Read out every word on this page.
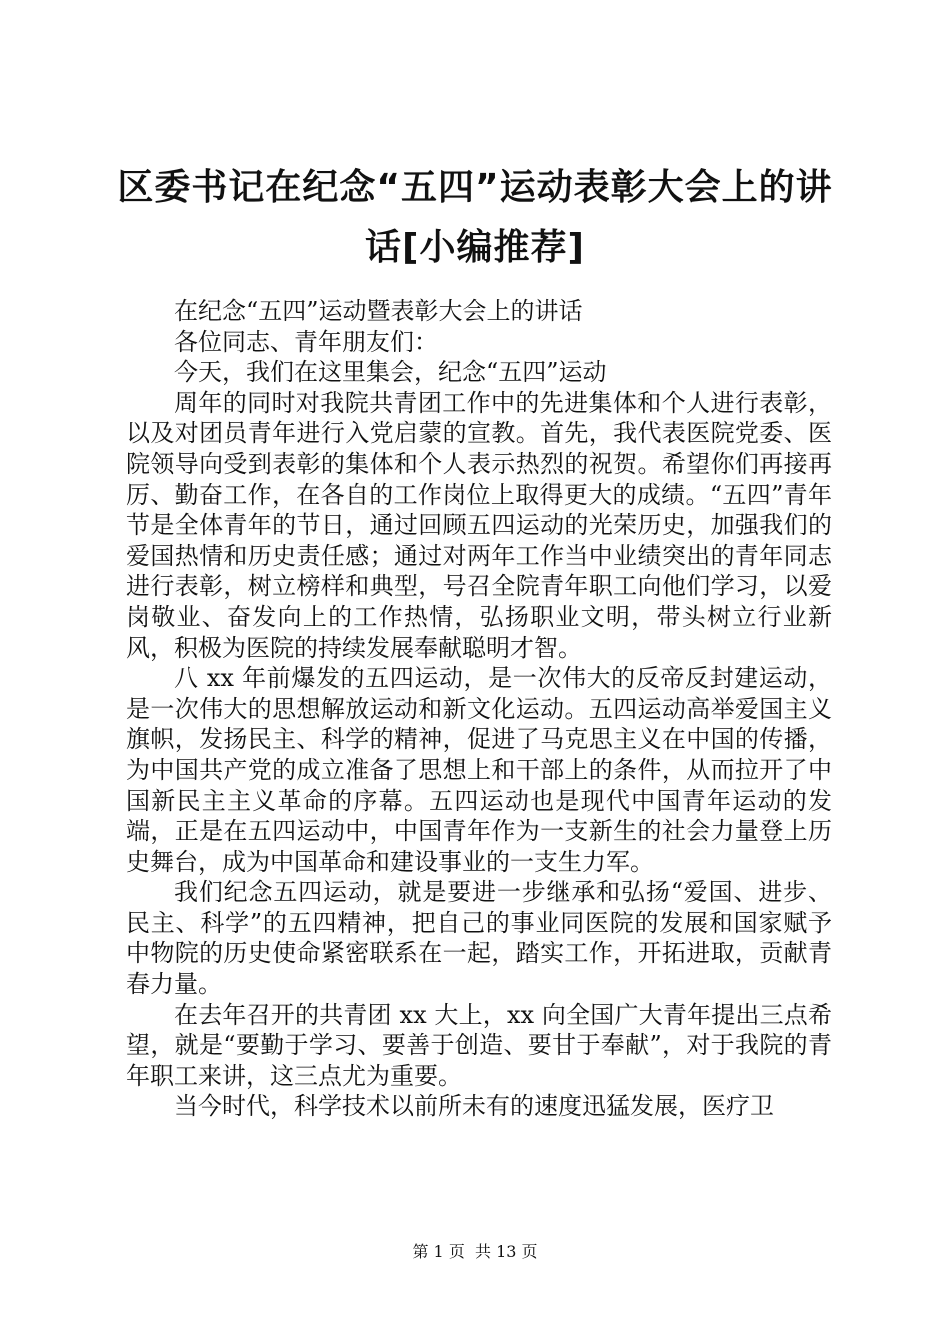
区委书记在纪念“五四”运动表彰大会上的讲
话[小编推荐]

在纪念“五四”运动暨表彰大会上的讲话

各位同志、青年朋友们：

今天，我们在这里集会，纪念“五四”运动

周年的同时对我院共青团工作中的先进集体和个人进行表彰，以及对团员青年进行入党启蒙的宣教。首先，我代表医院党委、医院领导向受到表彰的集体和个人表示热烈的祝贺。希望你们再接再厉、勤奋工作，在各自的工作岗位上取得更大的成绩。“五四”青年节是全体青年的节日，通过回顾五四运动的光荣历史，加强我们的爱国热情和历史责任感；通过对两年工作当中业绩突出的青年同志进行表彰，树立榜样和典型，号召全院青年职工向他们学习，以爱岗敬业、奋发向上的工作热情，弘扬职业文明，带头树立行业新风，积极为医院的持续发展奉献聪明才智。

八 xx 年前爆发的五四运动，是一次伟大的反帝反封建运动，是一次伟大的思想解放运动和新文化运动。五四运动高举爱国主义旗帜，发扬民主、科学的精神，促进了马克思主义在中国的传播，为中国共产党的成立准备了思想上和干部上的条件，从而拉开了中国新民主主义革命的序幕。五四运动也是现代中国青年运动的发端，正是在五四运动中，中国青年作为一支新生的社会力量登上历史舞台，成为中国革命和建设事业的一支生力军。

我们纪念五四运动，就是要进一步继承和弘扬“爱国、进步、民主、科学”的五四精神，把自己的事业同医院的发展和国家赋予中物院的历史使命紧密联系在一起，踏实工作，开拓进取，贡献青春力量。

在去年召开的共青团 xx 大上，xx 向全国广大青年提出三点希望，就是“要勤于学习、要善于创造、要甘于奉献”，对于我院的青年职工来讲，这三点尤为重要。

当今时代，科学技术以前所未有的速度迅猛发展，医疗卫

第 1 页  共 13 页
